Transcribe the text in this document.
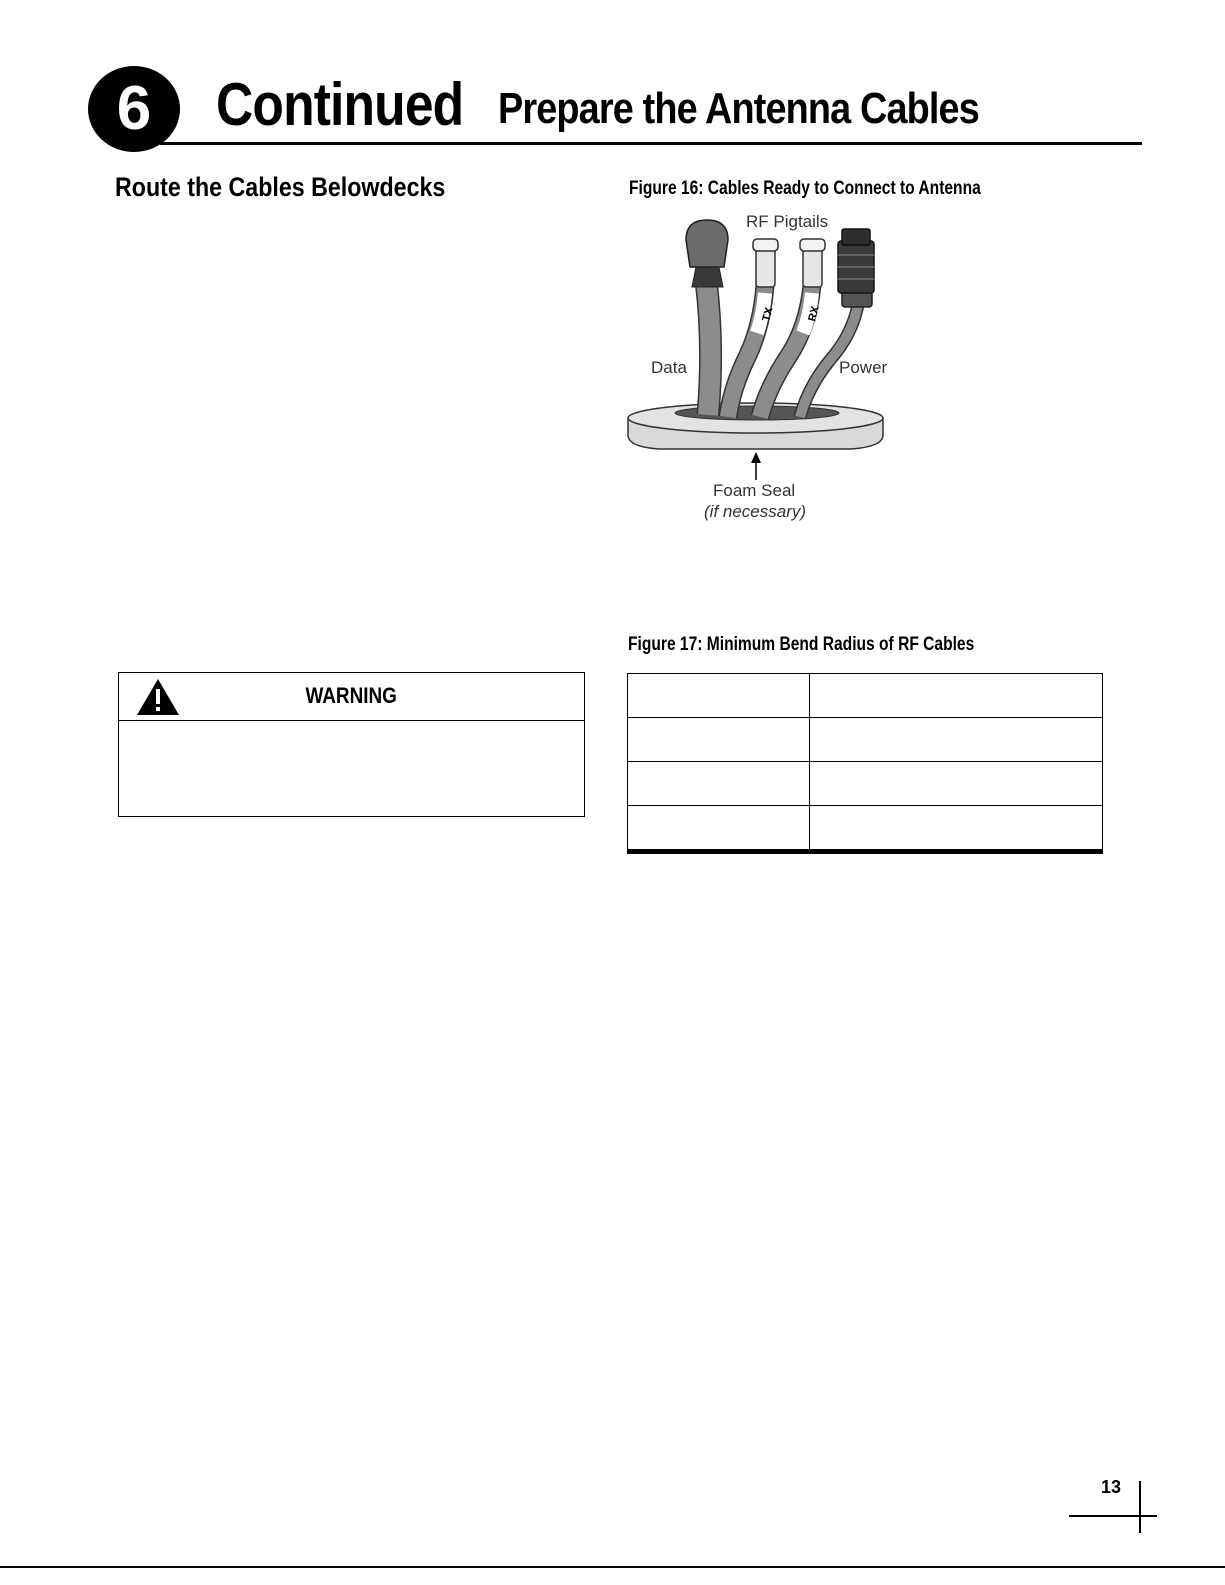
6	Continued Prepare the Antenna Cables
Route the Cables Belowdecks	Figure 16: Cables Ready to Connect to Antenna
TX	RX
RF Pigtails
Data	Power
Foam Seal
(if necessary)
WARNING
Figure 17: Minimum Bend Radius of RF Cables

13
